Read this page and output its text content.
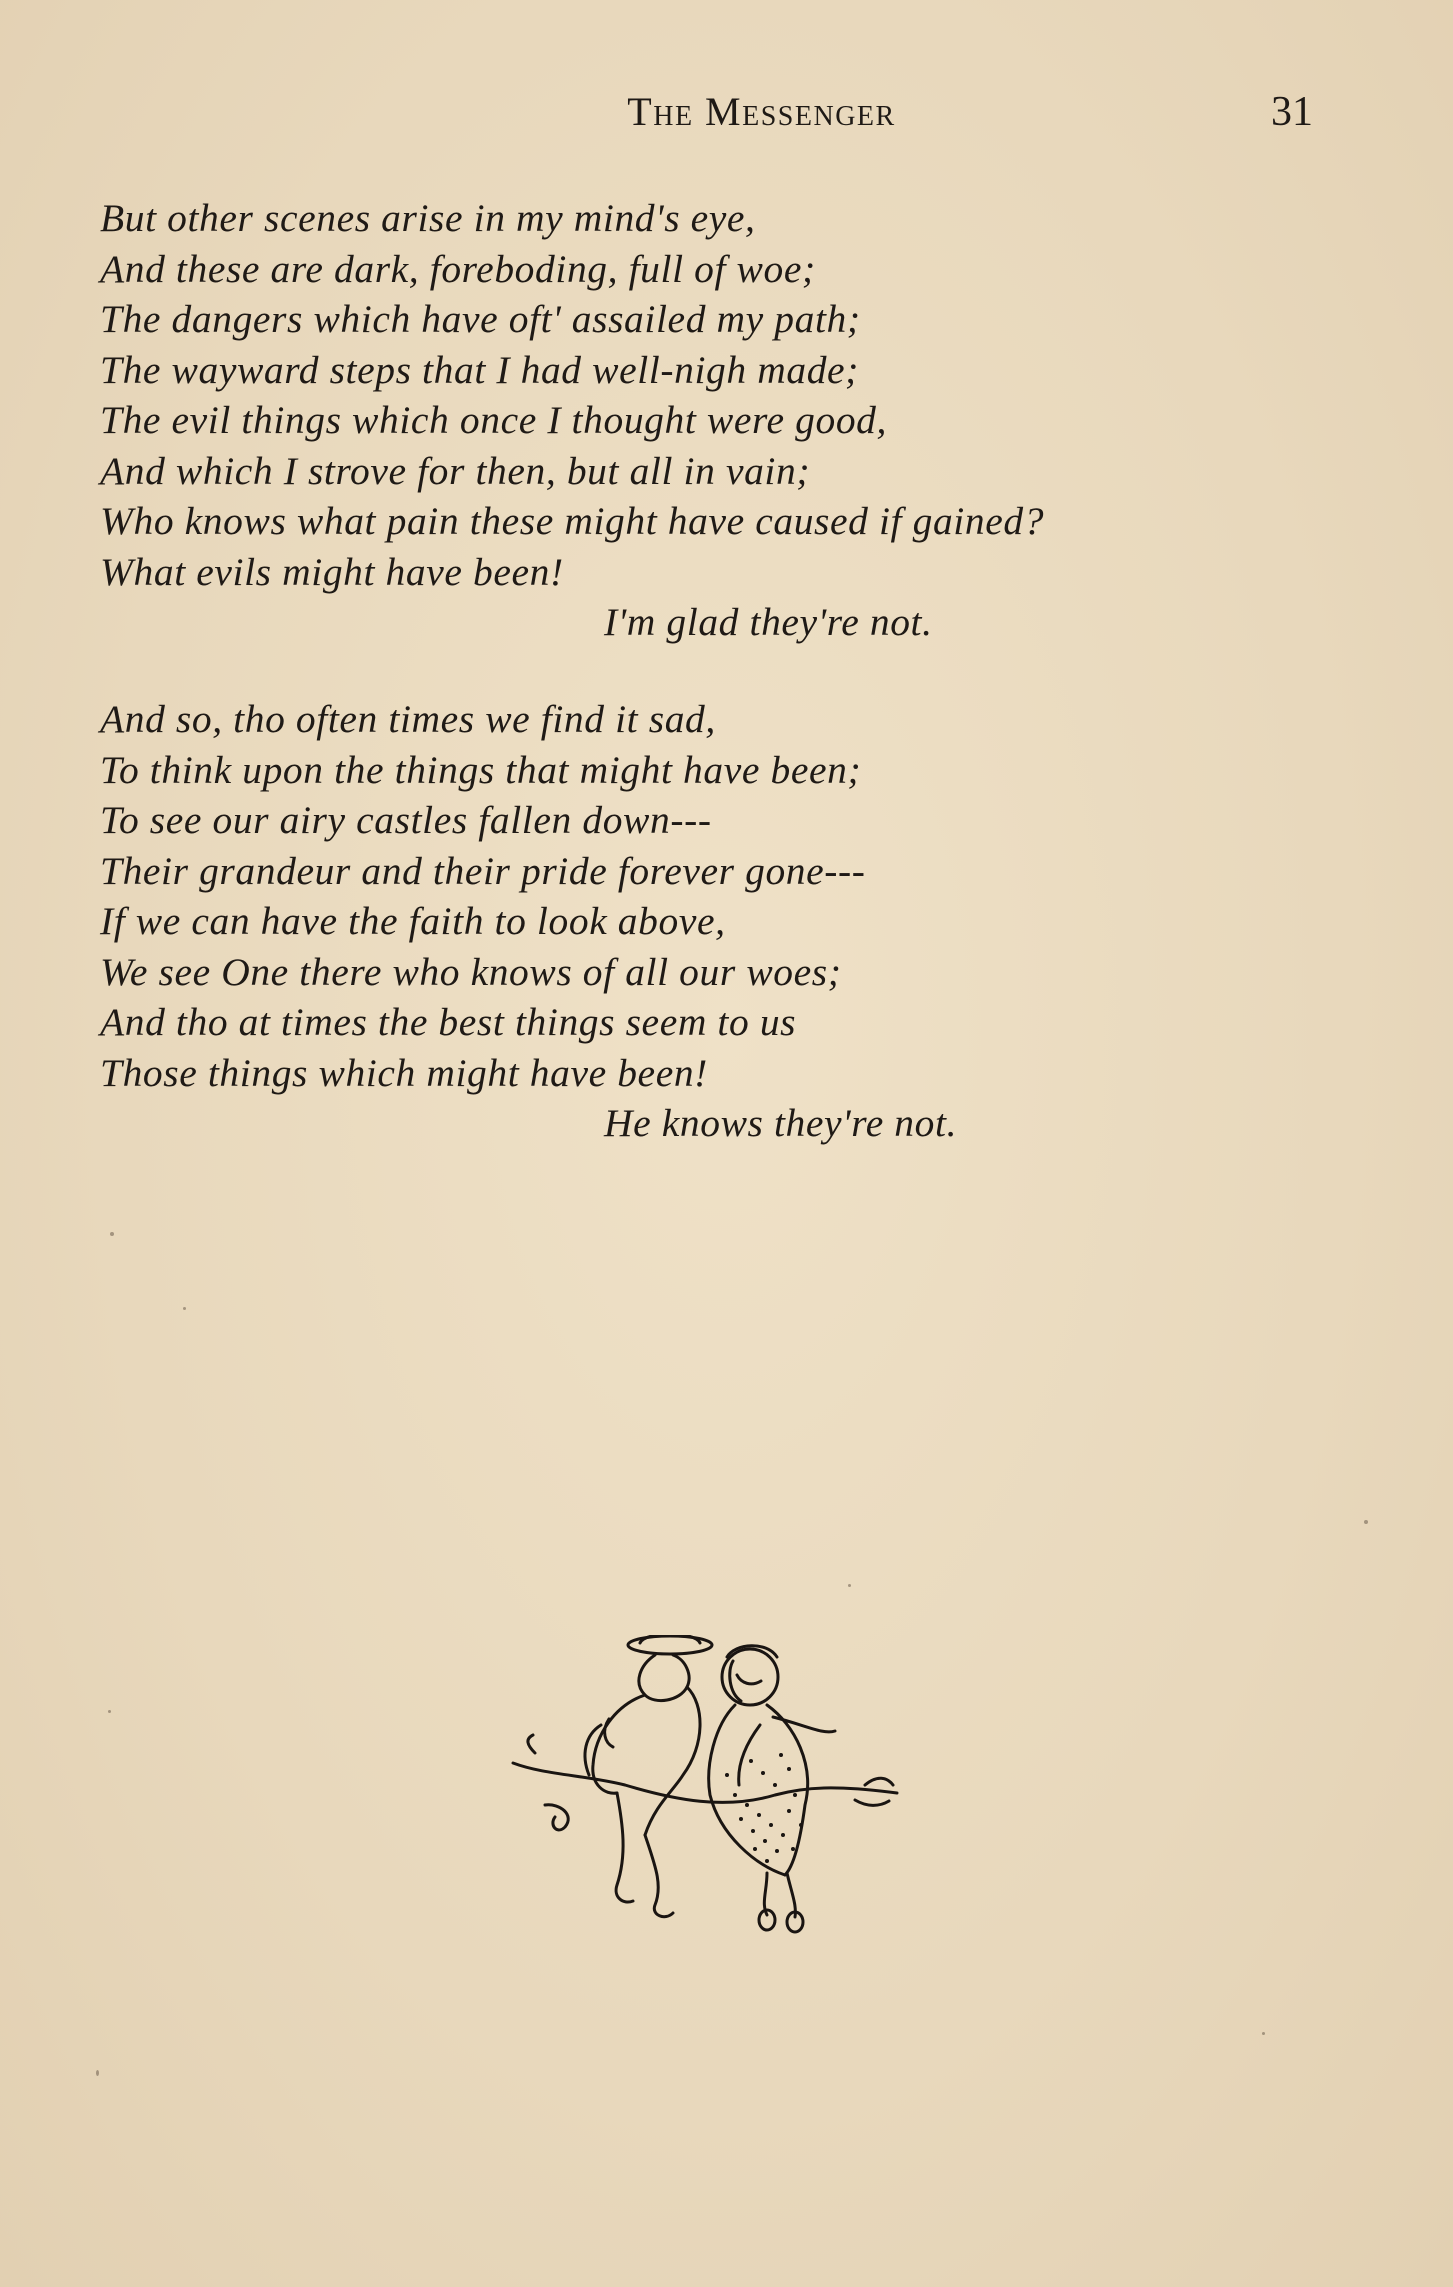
The Messenger	31
But other scenes arise in my mind's eye,
And these are dark, foreboding, full of woe;
The dangers which have oft' assailed my path;
The wayward steps that I had well-nigh made;
The evil things which once I thought were good,
And which I strove for then, but all in vain;
Who knows what pain these might have caused if gained?
What evils might have been!
I'm glad they're not.
And so, tho often times we find it sad,
To think upon the things that might have been;
To see our airy castles fallen down---
Their grandeur and their pride forever gone---
If we can have the faith to look above,
We see One there who knows of all our woes;
And tho at times the best things seem to us
Those things which might have been!
He knows they're not.
